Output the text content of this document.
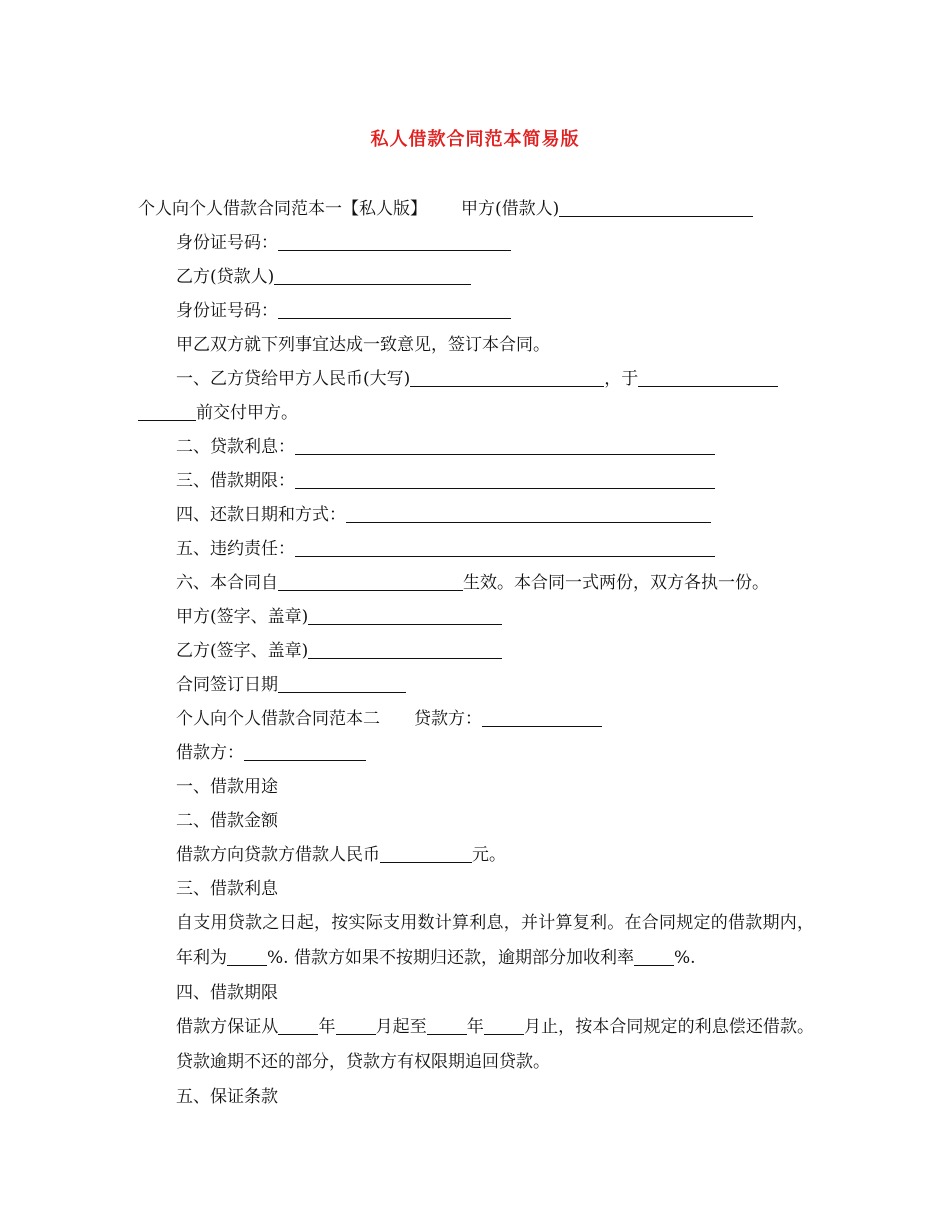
私人借款合同范本简易版

个人向个人借款合同范本一【私人版】 甲方(借款人)

身份证号码：

乙方(贷款人)

身份证号码：

甲乙双方就下列事宜达成一致意见，签订本合同。

一、乙方贷给甲方人民币(大写)	，于

前交付甲方。

二、贷款利息：

三、借款期限：

四、还款日期和方式：

五、违约责任：

六、本合同自	生效。本合同一式两份，双方各执一份。

甲方(签字、盖章)

乙方(签字、盖章)

合同签订日期

个人向个人借款合同范本二 贷款方：

借款方：

一、借款用途

二、借款金额

借款方向贷款方借款人民币	元。

三、借款利息

自支用贷款之日起，按实际支用数计算利息，并计算复利。在合同规定的借款期内，年利为 %. 借款方如果不按期归还款，逾期部分加收利率 %.

四、借款期限

借款方保证从 年 月起至 年 月止，按本合同规定的利息偿还借款。贷款逾期不还的部分，贷款方有权限期追回贷款。

五、保证条款
